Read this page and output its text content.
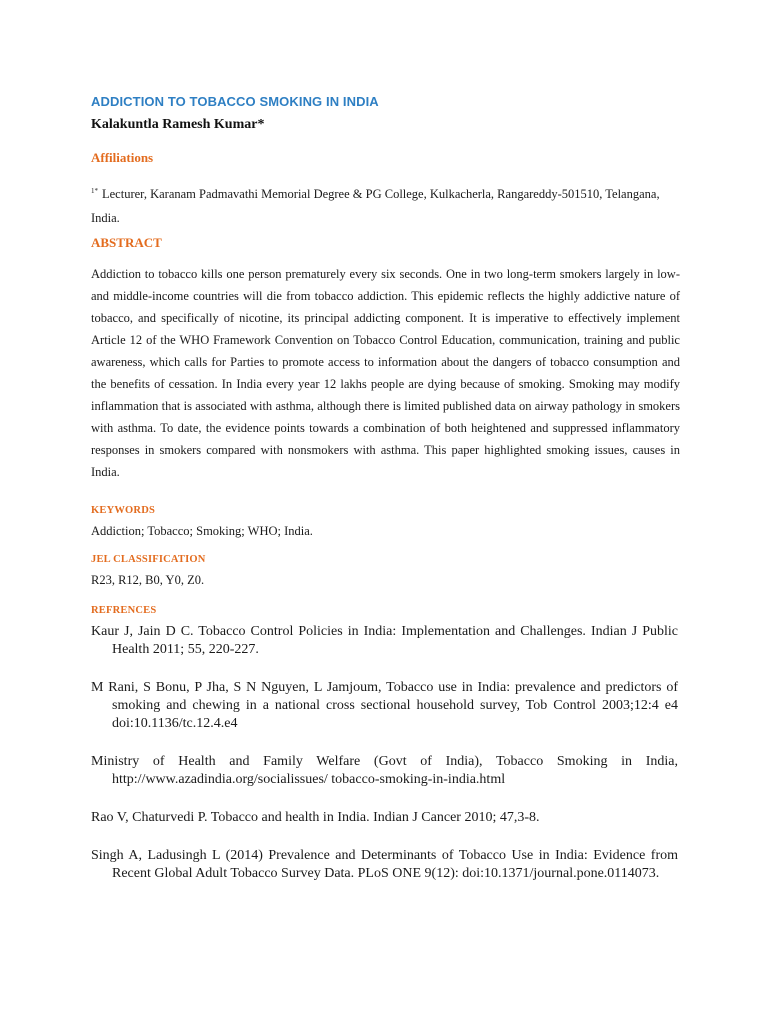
ADDICTION TO TOBACCO SMOKING IN INDIA
Kalakuntla Ramesh Kumar*
Affiliations
$^{1*}$ Lecturer, Karanam Padmavathi Memorial Degree & PG College, Kulkacherla, Rangareddy-501510, Telangana, India.
ABSTRACT
Addiction to tobacco kills one person prematurely every six seconds. One in two long-term smokers largely in low- and middle-income countries will die from tobacco addiction. This epidemic reflects the highly addictive nature of tobacco, and specifically of nicotine, its principal addicting component. It is imperative to effectively implement Article 12 of the WHO Framework Convention on Tobacco Control Education, communication, training and public awareness, which calls for Parties to promote access to information about the dangers of tobacco consumption and the benefits of cessation. In India every year 12 lakhs people are dying because of smoking. Smoking may modify inflammation that is associated with asthma, although there is limited published data on airway pathology in smokers with asthma. To date, the evidence points towards a combination of both heightened and suppressed inflammatory responses in smokers compared with nonsmokers with asthma. This paper highlighted smoking issues, causes in India.
KEYWORDS
Addiction; Tobacco; Smoking; WHO; India.
JEL CLASSIFICATION
R23, R12, B0, Y0, Z0.
REFRENCES

Kaur J, Jain D C. Tobacco Control Policies in India: Implementation and Challenges. Indian J Public Health 2011; 55, 220-227.

M Rani, S Bonu, P Jha, S N Nguyen, L Jamjoum, Tobacco use in India: prevalence and predictors of smoking and chewing in a national cross sectional household survey, Tob Control 2003;12:4 e4 doi:10.1136/tc.12.4.e4

Ministry of Health and Family Welfare (Govt of India), Tobacco Smoking in India, http://www.azadindia.org/socialissues/ tobacco-smoking-in-india.html

Rao V, Chaturvedi P. Tobacco and health in India. Indian J Cancer 2010; 47,3-8.

Singh A, Ladusingh L (2014) Prevalence and Determinants of Tobacco Use in India: Evidence from Recent Global Adult Tobacco Survey Data. PLoS ONE 9(12): doi:10.1371/journal.pone.0114073.
